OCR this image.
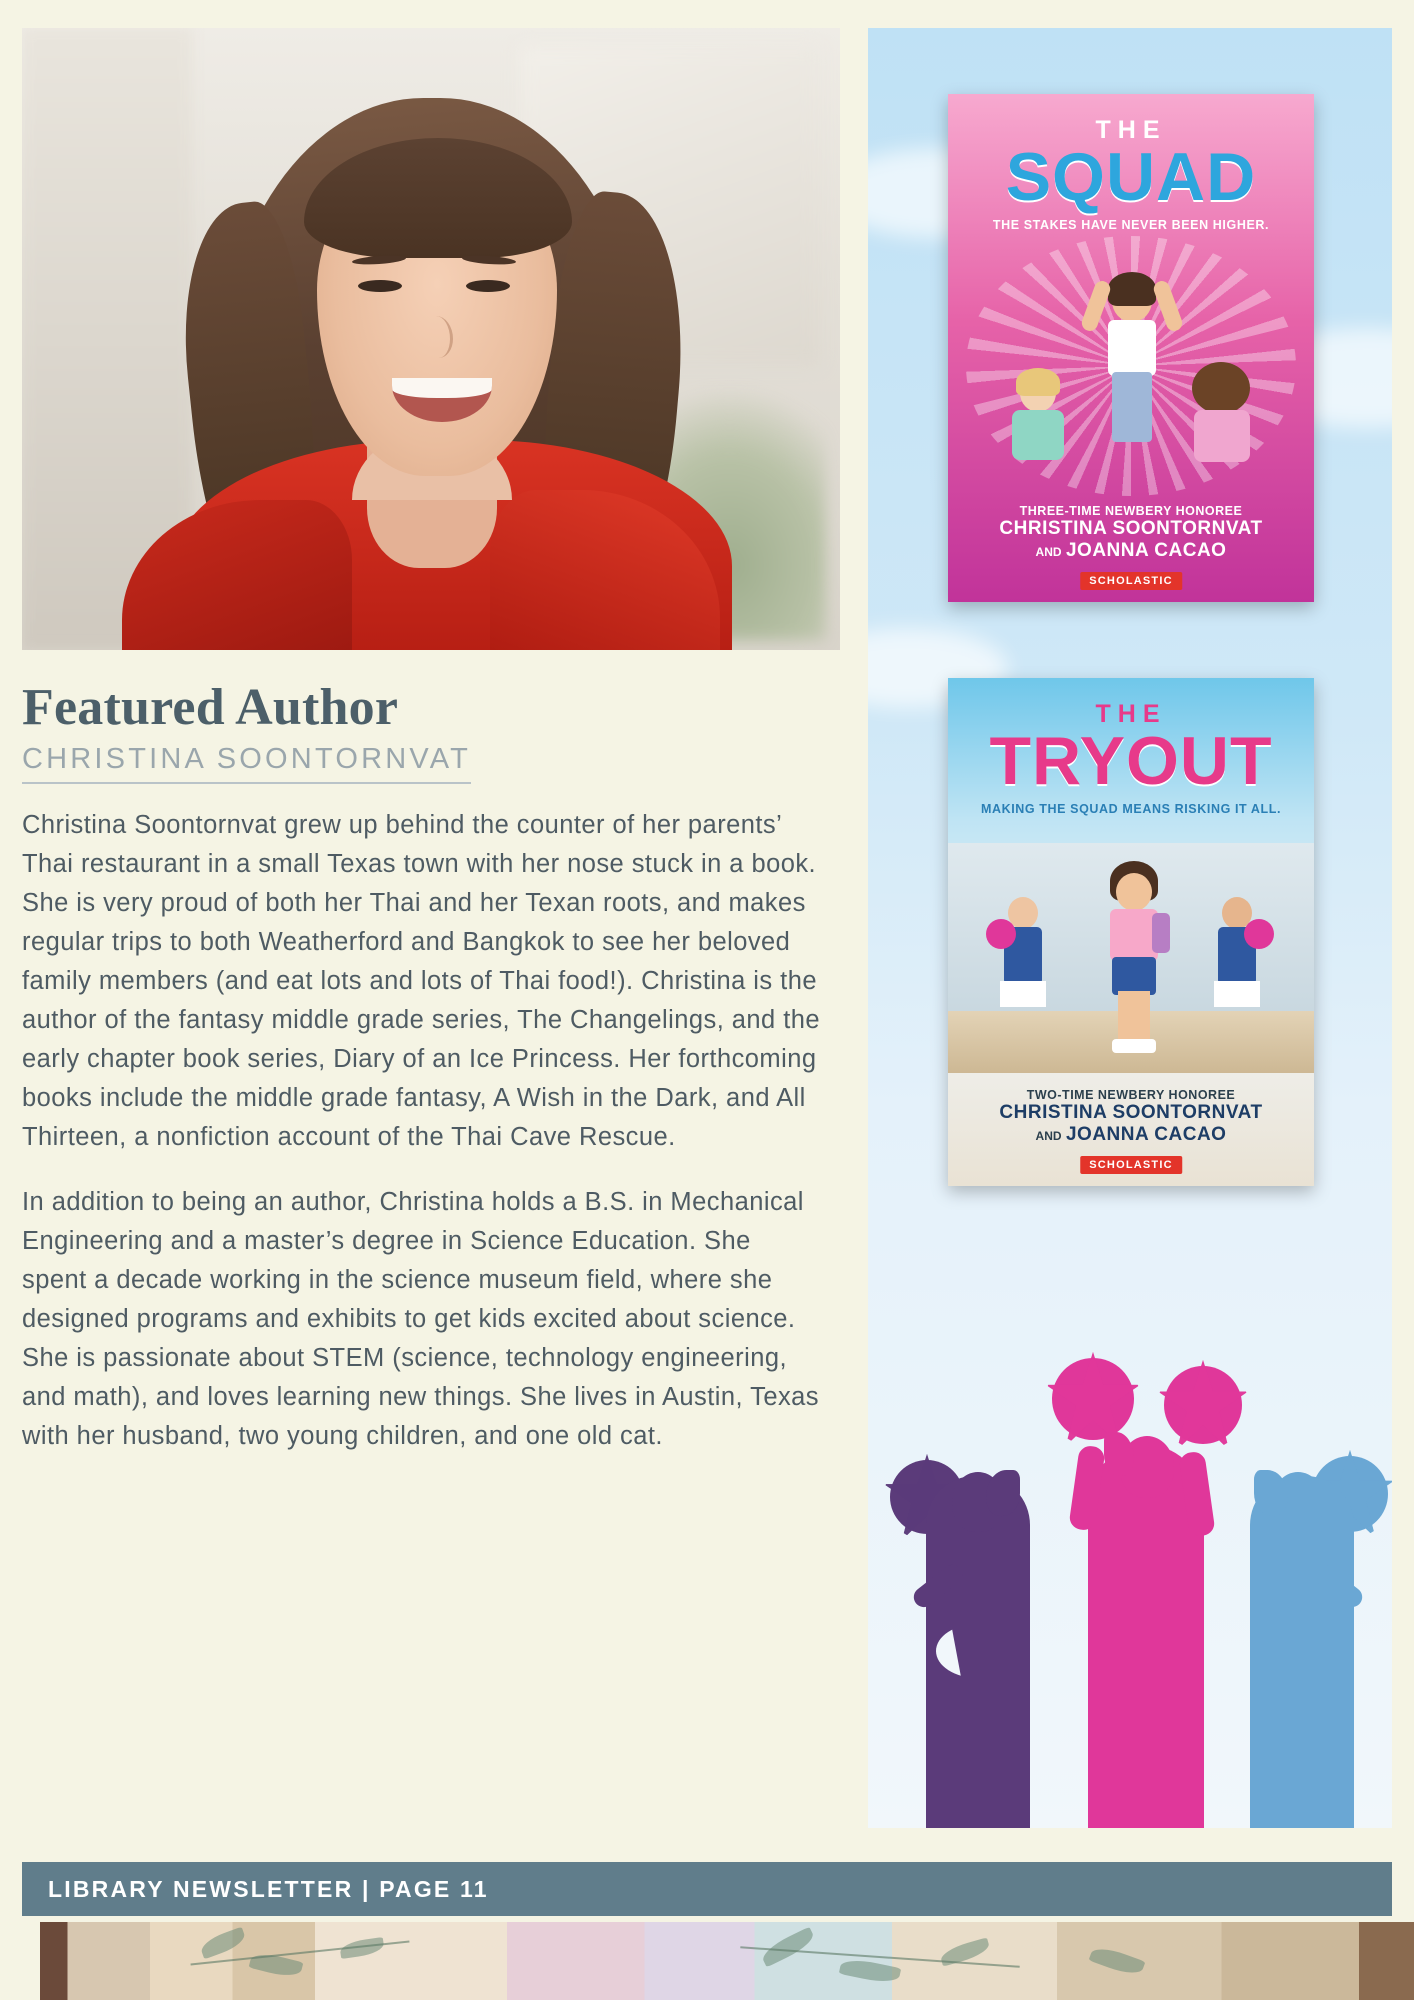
Featured Author
CHRISTINA SOONTORNVAT

Christina Soontornvat grew up behind the counter of her parents’ Thai restaurant in a small Texas town with her nose stuck in a book. She is very proud of both her Thai and her Texan roots, and makes regular trips to both Weatherford and Bangkok to see her beloved family members (and eat lots and lots of Thai food!). Christina is the author of the fantasy middle grade series, The Changelings, and the early chapter book series, Diary of an Ice Princess. Her forthcoming books include the middle grade fantasy, A Wish in the Dark, and All Thirteen, a nonfiction account of the Thai Cave Rescue.

In addition to being an author, Christina holds a B.S. in Mechanical Engineering and a master’s degree in Science Education. She spent a decade working in the science museum field, where she designed programs and exhibits to get kids excited about science. She is passionate about STEM (science, technology engineering, and math), and loves learning new things. She lives in Austin, Texas with her husband, two young children, and one old cat.

THE
SQUAD
THE STAKES HAVE NEVER BEEN HIGHER.
THREE-TIME NEWBERY HONOREE
CHRISTINA SOONTORNVAT
AND JOANNA CACAO
SCHOLASTIC
THE
TRYOUT
MAKING THE SQUAD MEANS RISKING IT ALL.
TWO-TIME NEWBERY HONOREE
CHRISTINA SOONTORNVAT
AND JOANNA CACAO
SCHOLASTIC
LIBRARY NEWSLETTER | PAGE 11
